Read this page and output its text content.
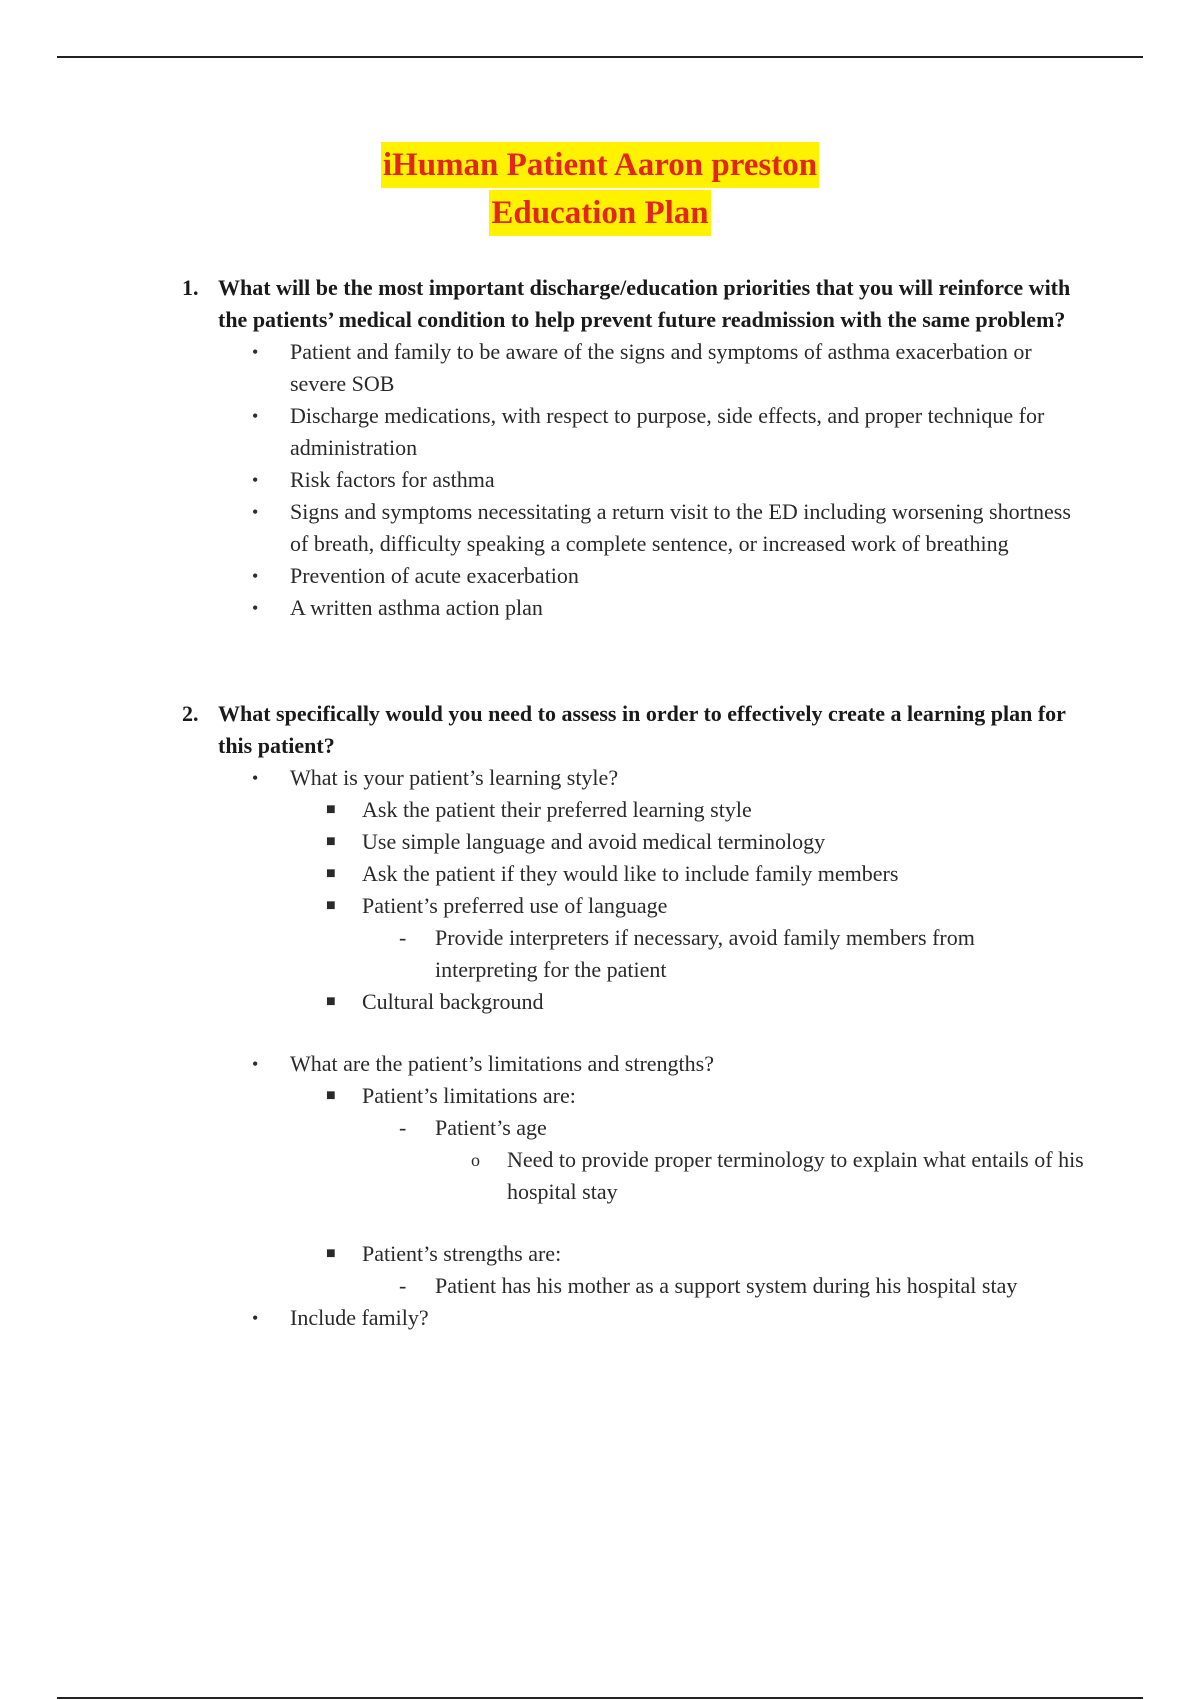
iHuman Patient Aaron preston
Education Plan
1. What will be the most important discharge/education priorities that you will reinforce with the patients’ medical condition to help prevent future readmission with the same problem?
• Patient and family to be aware of the signs and symptoms of asthma exacerbation or severe SOB
• Discharge medications, with respect to purpose, side effects, and proper technique for administration
• Risk factors for asthma
• Signs and symptoms necessitating a return visit to the ED including worsening shortness of breath, difficulty speaking a complete sentence, or increased work of breathing
• Prevention of acute exacerbation
• A written asthma action plan
2. What specifically would you need to assess in order to effectively create a learning plan for this patient?
• What is your patient’s learning style?
■ Ask the patient their preferred learning style
■ Use simple language and avoid medical terminology
■ Ask the patient if they would like to include family members
■ Patient’s preferred use of language
- Provide interpreters if necessary, avoid family members from interpreting for the patient
■ Cultural background
• What are the patient’s limitations and strengths?
■ Patient’s limitations are:
- Patient’s age
o Need to provide proper terminology to explain what entails of his hospital stay
■ Patient’s strengths are:
- Patient has his mother as a support system during his hospital stay
• Include family?
